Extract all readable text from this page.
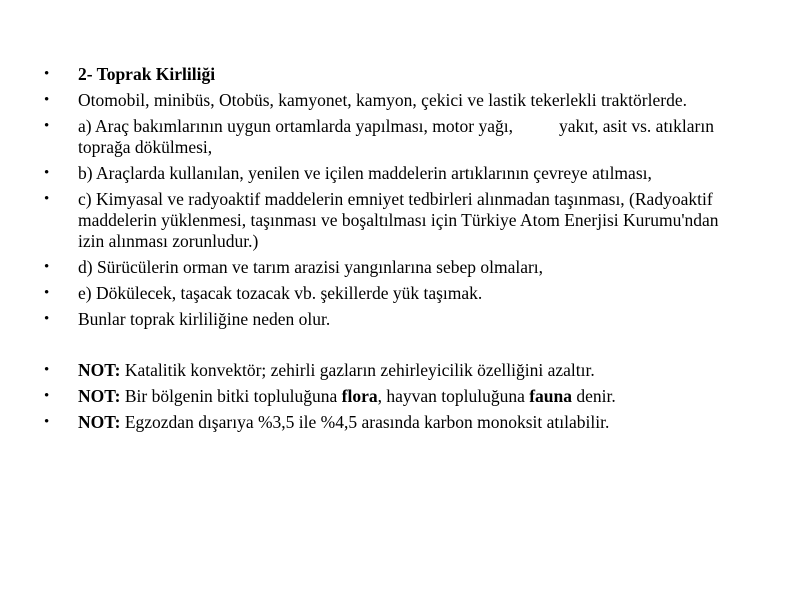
• 2- Toprak Kirliliği
• Otomobil, minibüs, Otobüs, kamyonet, kamyon, çekici ve lastik tekerlekli traktörlerde.
• a) Araç bakımlarının uygun ortamlarda yapılması, motor yağı,	yakıt, asit vs. atıkların toprağa dökülmesi,
• b) Araçlarda kullanılan, yenilen ve içilen maddelerin artıklarının çevreye atılması,
• c) Kimyasal ve radyoaktif maddelerin emniyet tedbirleri alınmadan taşınması, (Radyoaktif maddelerin yüklenmesi, taşınması ve boşaltılması için Türkiye Atom Enerjisi Kurumu'ndan izin alınması zorunludur.)
• d) Sürücülerin orman ve tarım arazisi yangınlarına sebep olmaları,
• e) Dökülecek, taşacak tozacak vb. şekillerde yük taşımak.
• Bunlar toprak kirliliğine neden olur.
• NOT: Katalitik konvektör; zehirli gazların zehirleyicilik özelliğini azaltır.
• NOT: Bir bölgenin bitki topluluğuna flora, hayvan topluluğuna fauna denir.
• NOT: Egzozdan dışarıya %3,5 ile %4,5 arasında karbon monoksit atılabilir.
